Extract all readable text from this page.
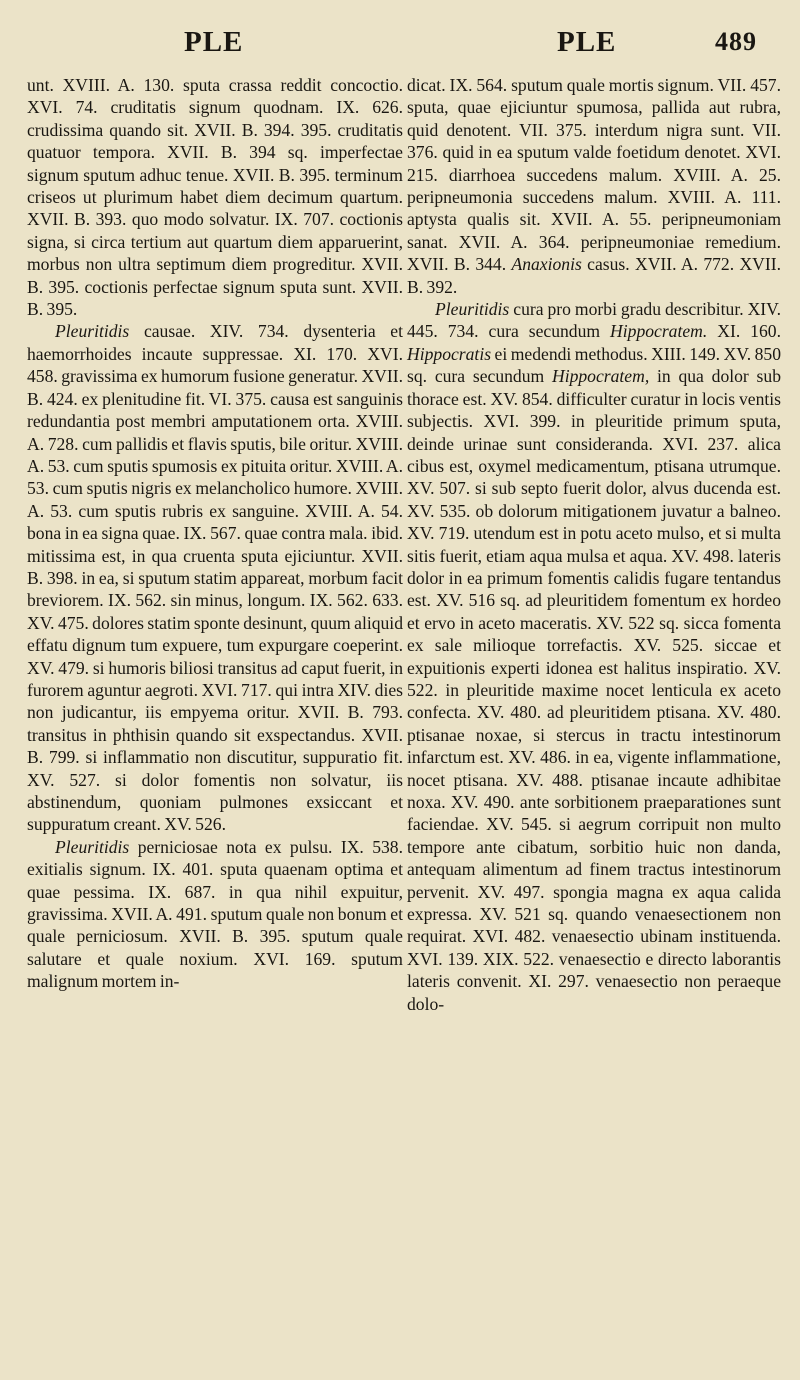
PLE	PLE	489

unt. XVIII. A. 130. sputa crassa reddit concoctio. XVI. 74. cruditatis signum quodnam. IX. 626. crudissima quando sit. XVII. B. 394. 395. cruditatis quatuor tempora. XVII. B. 394 sq. imperfectae signum sputum adhuc tenue. XVII. B. 395. terminum criseos ut plurimum habet diem decimum quartum. XVII. B. 393. quo modo solvatur. IX. 707. coctionis signa, si circa tertium aut quartum diem apparuerint, morbus non ultra septimum diem progreditur. XVII. B. 395. coctionis perfectae signum sputa sunt. XVII. B. 395.

Pleuritidis causae. XIV. 734. dysenteria et haemorrhoides incaute suppressae. XI. 170. XVI. 458. gravissima ex humorum fusione generatur. XVII. B. 424. ex plenitudine fit. VI. 375. causa est sanguinis redundantia post membri amputationem orta. XVIII. A. 728. cum pallidis et flavis sputis, bile oritur. XVIII. A. 53. cum sputis spumosis ex pituita oritur. XVIII. A. 53. cum sputis nigris ex melancholico humore. XVIII. A. 53. cum sputis rubris ex sanguine. XVIII. A. 54. bona in ea signa quae. IX. 567. quae contra mala. ibid. mitissima est, in qua cruenta sputa ejiciuntur. XVII. B. 398. in ea, si sputum statim appareat, morbum facit breviorem. IX. 562. sin minus, longum. IX. 562. 633. XV. 475. dolores statim sponte desinunt, quum aliquid effatu dignum tum expuere, tum expurgare coeperint. XV. 479. si humoris biliosi transitus ad caput fuerit, in furorem aguntur aegroti. XVI. 717. qui intra XIV. dies non judicantur, iis empyema oritur. XVII. B. 793. transitus in phthisin quando sit exspectandus. XVII. B. 799. si inflammatio non discutitur, suppuratio fit. XV. 527. si dolor fomentis non solvatur, iis abstinendum, quoniam pulmones exsiccant et suppuratum creant. XV. 526.

Pleuritidis perniciosae nota ex pulsu. IX. 538. exitialis signum. IX. 401. sputa quaenam optima et quae pessima. IX. 687. in qua nihil expuitur, gravissima. XVII. A. 491. sputum quale non bonum et quale perniciosum. XVII. B. 395. sputum quale salutare et quale noxium. XVI. 169. sputum malignum mortem in-

dicat. IX. 564. sputum quale mortis signum. VII. 457. sputa, quae ejiciuntur spumosa, pallida aut rubra, quid denotent. VII. 375. interdum nigra sunt. VII. 376. quid in ea sputum valde foetidum denotet. XVI. 215. diarrhoea succedens malum. XVIII. A. 25. peripneumonia succedens malum. XVIII. A. 111. aptysta qualis sit. XVII. A. 55. peripneumoniam sanat. XVII. A. 364. peripneumoniae remedium. XVII. B. 344. Anaxionis casus. XVII. A. 772. XVII. B. 392.

Pleuritidis cura pro morbi gradu describitur. XIV. 445. 734. cura secundum Hippocratem. XI. 160. Hippocratis ei medendi methodus. XIII. 149. XV. 850 sq. cura secundum Hippocratem, in qua dolor sub thorace est. XV. 854. difficulter curatur in locis ventis subjectis. XVI. 399. in pleuritide primum sputa, deinde urinae sunt consideranda. XVI. 237. alica cibus est, oxymel medicamentum, ptisana utrumque. XV. 507. si sub septo fuerit dolor, alvus ducenda est. XV. 535. ob dolorum mitigationem juvatur a balneo. XV. 719. utendum est in potu aceto mulso, et si multa sitis fuerit, etiam aqua mulsa et aqua. XV. 498. lateris dolor in ea primum fomentis calidis fugare tentandus est. XV. 516 sq. ad pleuritidem fomentum ex hordeo et ervo in aceto maceratis. XV. 522 sq. sicca fomenta ex sale milioque torrefactis. XV. 525. siccae et expuitionis experti idonea est halitus inspiratio. XV. 522. in pleuritide maxime nocet lenticula ex aceto confecta. XV. 480. ad pleuritidem ptisana. XV. 480. ptisanae noxae, si stercus in tractu intestinorum infarctum est. XV. 486. in ea, vigente inflammatione, nocet ptisana. XV. 488. ptisanae incaute adhibitae noxa. XV. 490. ante sorbitionem praeparationes sunt faciendae. XV. 545. si aegrum corripuit non multo tempore ante cibatum, sorbitio huic non danda, antequam alimentum ad finem tractus intestinorum pervenit. XV. 497. spongia magna ex aqua calida expressa. XV. 521 sq. quando venaesectionem non requirat. XVI. 482. venaesectio ubinam instituenda. XVI. 139. XIX. 522. venaesectio e directo laborantis lateris convenit. XI. 297. venaesectio non peraeque dolo-
